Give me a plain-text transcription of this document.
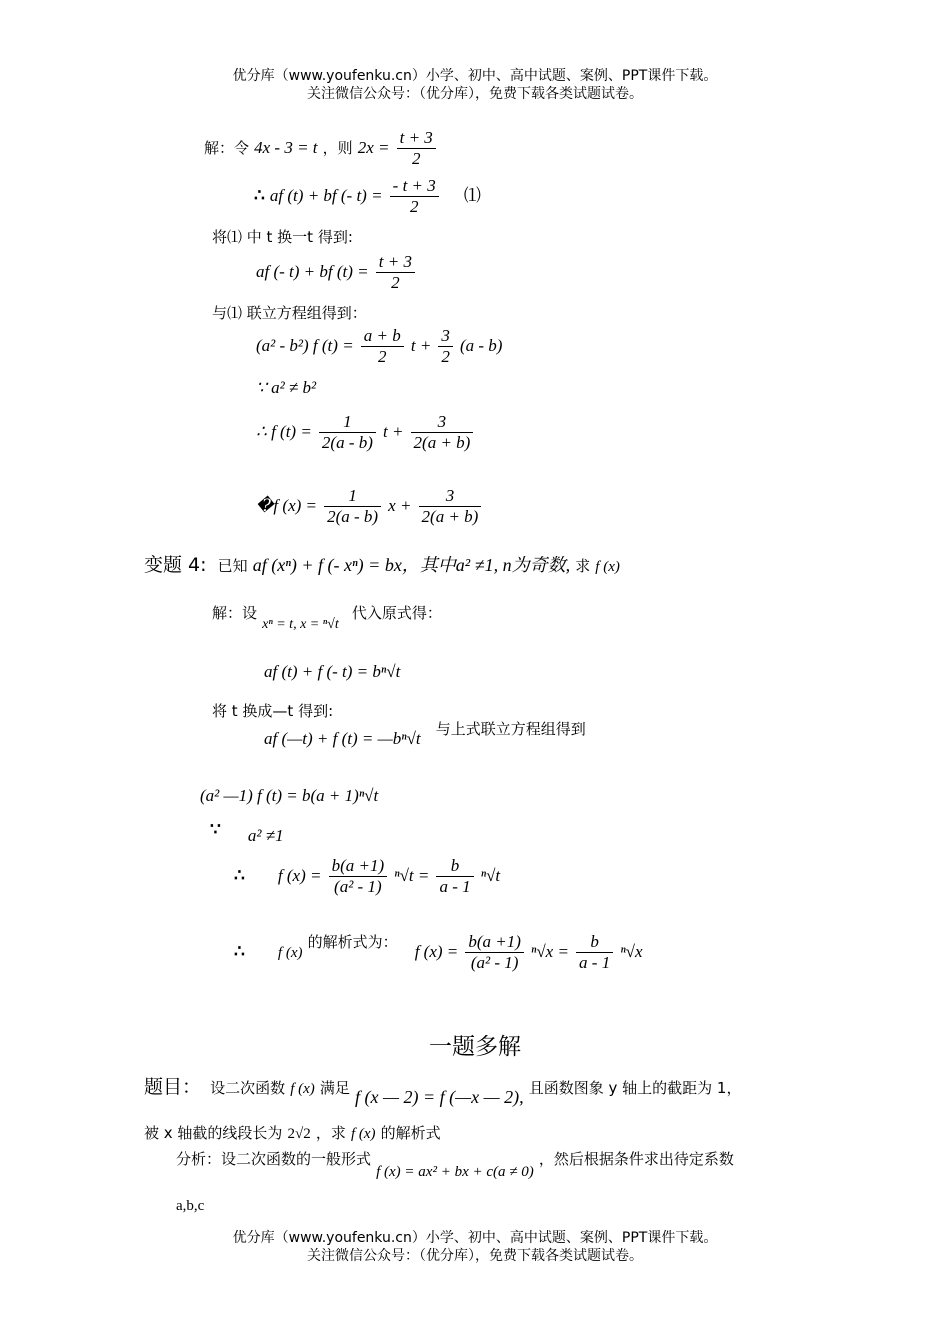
优分库（www.youfenku.cn）小学、初中、高中试题、案例、PPT课件下载。
关注微信公众号：（优分库），免费下载各类试题试卷。
解：令 4x - 3 = t ，则 $2x = \frac{t + 3}{2}$
∴ af (t) + bf (- $t) = \frac{- t + 3}{2}$ ⑴
将⑴ 中 t 换一t 得到:
af (- t) + bf $(t) = \frac{t + 3}{2}$
与⑴ 联立方程组得到：
(a² - b²) f $(t) = \frac{a + b}{2}$ $t + \frac{3}{2} (a - b)$
∵ a² ≠ b²
∴ f $(t) = \frac{1}{2(a - b)}$ $t + \frac{3}{2(a + b)}$
�f $(x) = \frac{1}{2(a - b)}$ $x + \frac{3}{2(a + b)}$
变题 4: 已知 af (xⁿ) + f (- xⁿ) = bx，其中a² ≠1, n为奇数, 求 f (x)
解：设 xⁿ = t, x = ⁿ√t 代入原式得：
af (t) + f (- t) = bⁿ√t
将 t 换成—t 得到:
af (—t) + f (t) = —bⁿ√t 与上式联立方程组得到
(a² —1) f (t) = b(a + 1)ⁿ√t
∵ a² ≠1
∴ f $(x) = \frac{b(a +1)}{\text{(a² - 1)}} ^n√t = \frac{b}{a - 1} ^n√t$
∴ f (x) 的解析式为： f $(x) = \frac{b(a +1)}{\text{(a² - 1)}} ^n√x = \frac{b}{a - 1} ^n√x$
一题多解
题目： 设二次函数 f (x) 满足 f (x — 2) = f (—x — 2), 且函数图象 y 轴上的截距为 1，
被 x 轴截的线段长为 2√2 ，求 f (x) 的解析式
分析：设二次函数的一般形式 f (x) = ax² + bx + c(a ≠ 0) ，然后根据条件求出待定系数
a,b,c
优分库（www.youfenku.cn）小学、初中、高中试题、案例、PPT课件下载。
关注微信公众号：（优分库），免费下载各类试题试卷。
